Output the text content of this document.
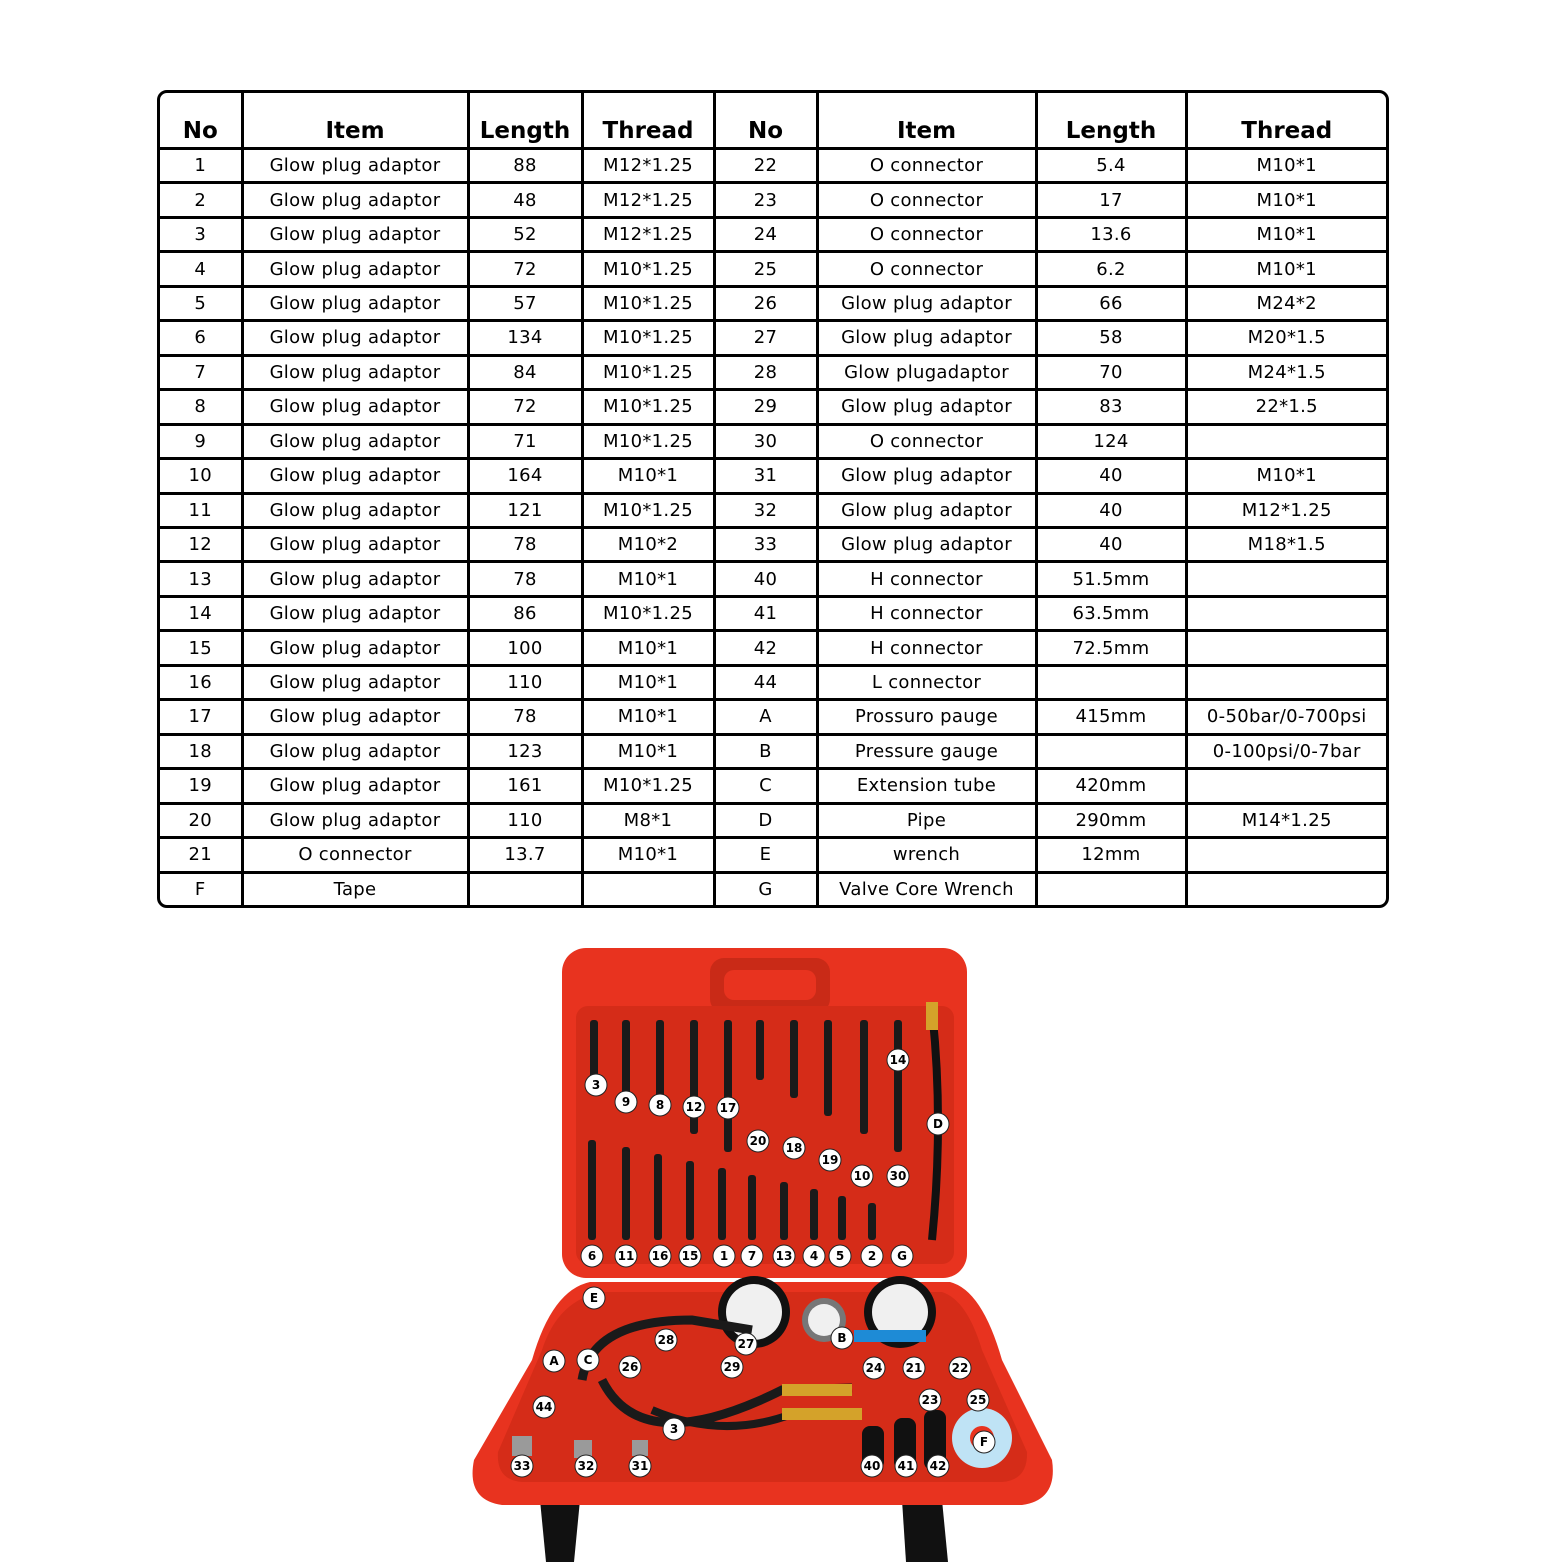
No	Item	Length	Thread	No	Item	Length	Thread
1	Glow plug adaptor	88	M12*1.25	22	O connector	5.4	M10*1
2	Glow plug adaptor	48	M12*1.25	23	O connector	17	M10*1
3	Glow plug adaptor	52	M12*1.25	24	O connector	13.6	M10*1
4	Glow plug adaptor	72	M10*1.25	25	O connector	6.2	M10*1
5	Glow plug adaptor	57	M10*1.25	26	Glow plug adaptor	66	M24*2
6	Glow plug adaptor	134	M10*1.25	27	Glow plug adaptor	58	M20*1.5
7	Glow plug adaptor	84	M10*1.25	28	Glow plugadaptor	70	M24*1.5
8	Glow plug adaptor	72	M10*1.25	29	Glow plug adaptor	83	22*1.5
9	Glow plug adaptor	71	M10*1.25	30	O connector	124	
10	Glow plug adaptor	164	M10*1	31	Glow plug adaptor	40	M10*1
11	Glow plug adaptor	121	M10*1.25	32	Glow plug adaptor	40	M12*1.25
12	Glow plug adaptor	78	M10*2	33	Glow plug adaptor	40	M18*1.5
13	Glow plug adaptor	78	M10*1	40	H connector	51.5mm	
14	Glow plug adaptor	86	M10*1.25	41	H connector	63.5mm	
15	Glow plug adaptor	100	M10*1	42	H connector	72.5mm	
16	Glow plug adaptor	110	M10*1	44	L connector		
17	Glow plug adaptor	78	M10*1	A	Prossuro pauge	415mm	0-50bar/0-700psi
18	Glow plug adaptor	123	M10*1	B	Pressure gauge		0-100psi/0-7bar
19	Glow plug adaptor	161	M10*1.25	C	Extension tube	420mm	
20	Glow plug adaptor	110	M8*1	D	Pipe	290mm	M14*1.25
21	O connector	13.7	M10*1	E	wrench	12mm	
F	Tape			G	Valve Core Wrench		
3
9 8 12 17
20 18
19
10 30
14
D
6 11 16 15 1 7 13 4 5 2 G
E
28	27	B
A C 26	29	24 21 22
23	25
44
3
F
33	32	31	40 41 42
